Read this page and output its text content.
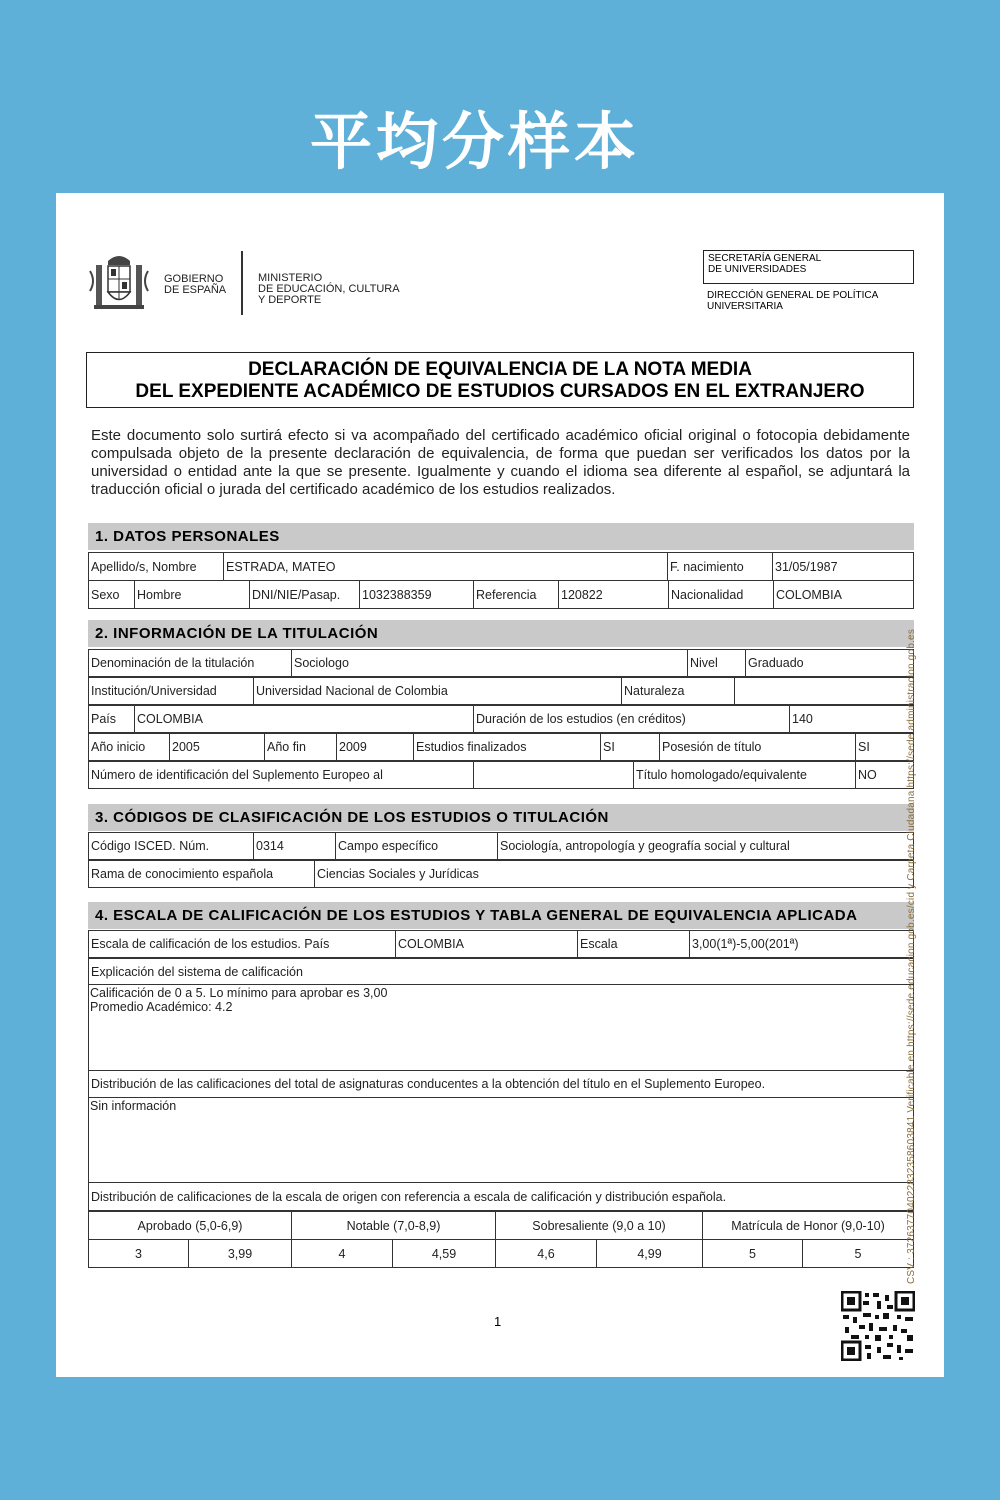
平均分样本
GOBIERNO
DE ESPAÑA
MINISTERIO
DE EDUCACIÓN, CULTURA
Y DEPORTE
SECRETARÍA GENERAL
DE UNIVERSIDADES
DIRECCIÓN GENERAL DE POLÍTICA
UNIVERSITARIA
DECLARACIÓN DE EQUIVALENCIA DE LA NOTA MEDIA
DEL EXPEDIENTE ACADÉMICO DE ESTUDIOS CURSADOS EN EL EXTRANJERO
Este documento solo surtirá efecto si va acompañado del certificado académico oficial original o fotocopia debidamente compulsada objeto de la presente declaración de equivalencia, de forma que puedan ser verificados los datos por la universidad o entidad ante la que se presente. Igualmente y cuando el idioma sea diferente al español, se adjuntará la traducción oficial o jurada del certificado académico de los estudios realizados.
1. DATOS PERSONALES
Apellido/s, Nombre	ESTRADA, MATEO	F. nacimiento	31/05/1987
Sexo	Hombre	DNI/NIE/Pasap.	1032388359	Referencia	120822	Nacionalidad	COLOMBIA
2. INFORMACIÓN DE LA TITULACIÓN
Denominación de la titulación	Sociologo	Nivel	Graduado
Institución/Universidad	Universidad Nacional de Colombia	Naturaleza
País	COLOMBIA	Duración de los estudios (en créditos)	140
Año inicio	2005	Año fin	2009	Estudios finalizados	SI	Posesión de título	SI
Número de identificación del Suplemento Europeo al	Título homologado/equivalente	NO
3. CÓDIGOS DE CLASIFICACIÓN DE LOS ESTUDIOS O TITULACIÓN
Código ISCED. Núm.	0314	Campo específico	Sociología, antropología y geografía social y cultural
Rama de conocimiento española	Ciencias Sociales y Jurídicas
4. ESCALA DE CALIFICACIÓN DE LOS ESTUDIOS Y TABLA GENERAL DE EQUIVALENCIA APLICADA
Escala de calificación de los estudios. País	COLOMBIA	Escala	3,00(1ª)-5,00(201ª)
Explicación del sistema de calificación
Calificación de 0 a 5. Lo mínimo para aprobar es 3,00
Promedio Académico: 4.2
Distribución de las calificaciones del total de asignaturas conducentes a la obtención del título en el Suplemento Europeo.
Sin información
Distribución de calificaciones de la escala de origen con referencia a escala de calificación y distribución española.
Aprobado (5,0-6,9)	Notable (7,0-8,9)	Sobresaliente (9,0 a 10)	Matrícula de Honor (9,0-10)
3	3,99	4	4,59	4,6	4,99	5	5	CSV : 372637704022832358603841 Verificable en https://sede.educacion.gob.es/cid y Carpeta Ciudadana https://sede.administracion.gob.es
1
